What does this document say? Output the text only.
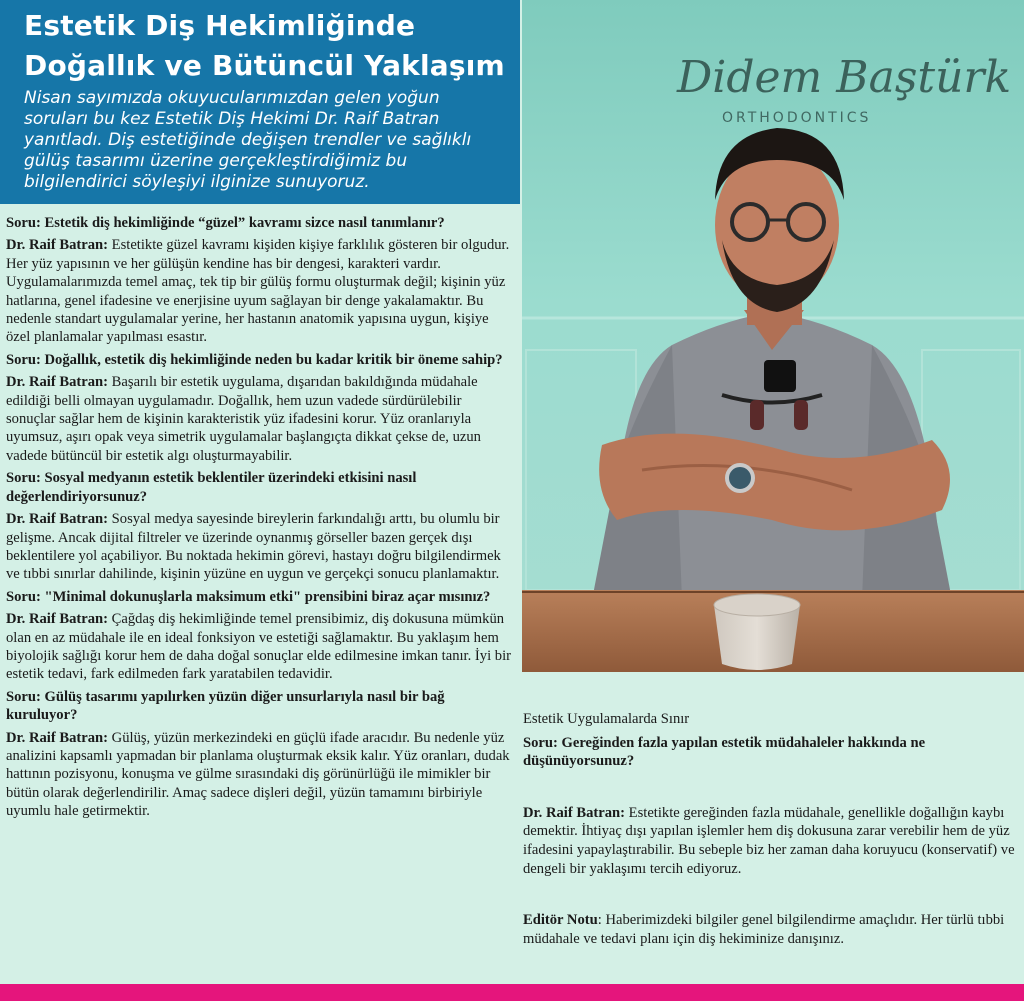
Estetik Diş Hekimliğinde
Doğallık ve Bütüncül Yaklaşım

Nisan sayımızda okuyucularımızdan gelen yoğun soruları bu kez Estetik Diş Hekimi Dr. Raif Batran yanıtladı. Diş estetiğinde değişen trendler ve sağlıklı gülüş tasarımı üzerine gerçekleştirdiğimiz bu bilgilendirici söyleşiyi ilginize sunuyoruz.

Soru: Estetik diş hekimliğinde “güzel” kavramı sizce nasıl tanımlanır?

Dr. Raif Batran: Estetikte güzel kavramı kişiden kişiye farklılık gösteren bir olgudur. Her yüz yapısının ve her gülüşün kendine has bir dengesi, karakteri vardır. Uygulamalarımızda temel amaç, tek tip bir gülüş formu oluşturmak değil; kişinin yüz hatlarına, genel ifadesine ve enerjisine uyum sağlayan bir denge yakalamaktır. Bu nedenle standart uygulamalar yerine, her hastanın anatomik yapısına uygun, kişiye özel planlamalar yapılması esastır.

Soru: Doğallık, estetik diş hekimliğinde neden bu kadar kritik bir öneme sahip?

Dr. Raif Batran: Başarılı bir estetik uygulama, dışarıdan bakıldığında müdahale edildiği belli olmayan uygulamadır. Doğallık, hem uzun vadede sürdürülebilir sonuçlar sağlar hem de kişinin karakteristik yüz ifadesini korur. Yüz oranlarıyla uyumsuz, aşırı opak veya simetrik uygulamalar başlangıçta dikkat çekse de, uzun vadede bütüncül bir estetik algı oluşturmayabilir.

Soru: Sosyal medyanın estetik beklentiler üzerindeki etkisini nasıl değerlendiriyorsunuz?

Dr. Raif Batran: Sosyal medya sayesinde bireylerin farkındalığı arttı, bu olumlu bir gelişme. Ancak dijital filtreler ve üzerinde oynanmış görseller bazen gerçek dışı beklentilere yol açabiliyor. Bu noktada hekimin görevi, hastayı doğru bilgilendirmek ve tıbbi sınırlar dahilinde, kişinin yüzüne en uygun ve gerçekçi sonucu planlamaktır.

Soru: "Minimal dokunuşlarla maksimum etki" prensibini biraz açar mısınız?

Dr. Raif Batran: Çağdaş diş hekimliğinde temel prensibimiz, diş dokusuna mümkün olan en az müdahale ile en ideal fonksiyon ve estetiği sağlamaktır. Bu yaklaşım hem biyolojik sağlığı korur hem de daha doğal sonuçlar elde edilmesine imkan tanır. İyi bir estetik tedavi, fark edilmeden fark yaratabilen tedavidir.

Soru: Gülüş tasarımı yapılırken yüzün diğer unsurlarıyla nasıl bir bağ kuruluyor?

Dr. Raif Batran: Gülüş, yüzün merkezindeki en güçlü ifade aracıdır. Bu nedenle yüz analizini kapsamlı yapmadan bir planlama oluşturmak eksik kalır. Yüz oranları, dudak hattının pozisyonu, konuşma ve gülme sırasındaki diş görünürlüğü ile mimikler bir bütün olarak değerlendirilir. Amaç sadece dişleri değil, yüzün tamamını birbiriyle uyumlu hale getirmektir.

Didem Baştürk
ORTHODONTICS

Estetik Uygulamalarda Sınır

Soru: Gereğinden fazla yapılan estetik müdahaleler hakkında ne düşünüyorsunuz?

Dr. Raif Batran: Estetikte gereğinden fazla müdahale, genellikle doğallığın kaybı demektir. İhtiyaç dışı yapılan işlemler hem diş dokusuna zarar verebilir hem de yüz ifadesini yapaylaştırabilir. Bu sebeple biz her zaman daha koruyucu (konservatif) ve dengeli bir yaklaşımı tercih ediyoruz.

Editör Notu: Haberimizdeki bilgiler genel bilgilendirme amaçlıdır. Her türlü tıbbi müdahale ve tedavi planı için diş hekiminize danışınız.
